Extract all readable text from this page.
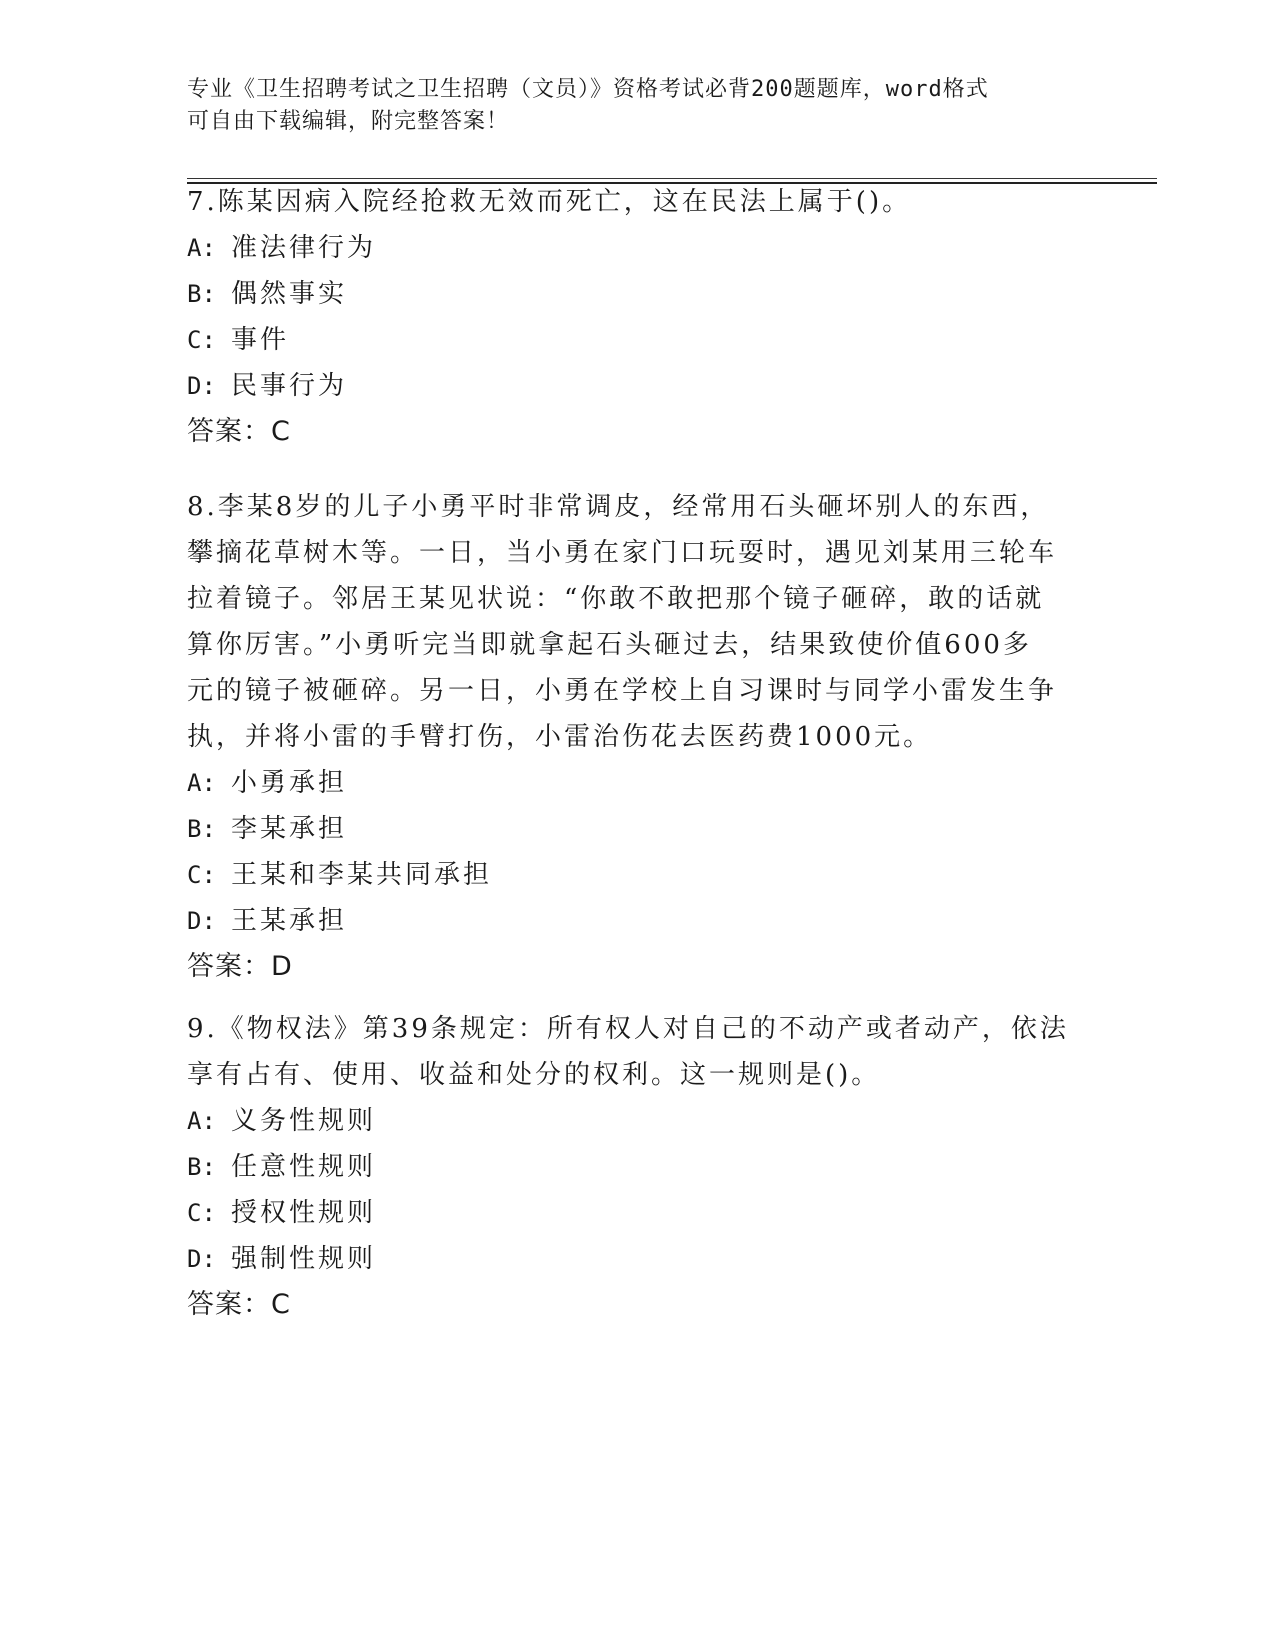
专业《卫生招聘考试之卫生招聘（文员）》资格考试必背200题题库，word格式
可自由下载编辑，附完整答案！
7.陈某因病入院经抢救无效而死亡，这在民法上属于()。
A: 准法律行为
B: 偶然事实
C: 事件
D: 民事行为
答案：C
8.李某8岁的儿子小勇平时非常调皮，经常用石头砸坏别人的东西，
攀摘花草树木等。一日，当小勇在家门口玩耍时，遇见刘某用三轮车
拉着镜子。邻居王某见状说：“你敢不敢把那个镜子砸碎，敢的话就
算你厉害。”小勇听完当即就拿起石头砸过去，结果致使价值600多
元的镜子被砸碎。另一日，小勇在学校上自习课时与同学小雷发生争
执，并将小雷的手臂打伤，小雷治伤花去医药费1000元。
A: 小勇承担
B: 李某承担
C: 王某和李某共同承担
D: 王某承担
答案：D
9.《物权法》第39条规定：所有权人对自己的不动产或者动产，依法
享有占有、使用、收益和处分的权利。这一规则是()。
A: 义务性规则
B: 任意性规则
C: 授权性规则
D: 强制性规则
答案：C
